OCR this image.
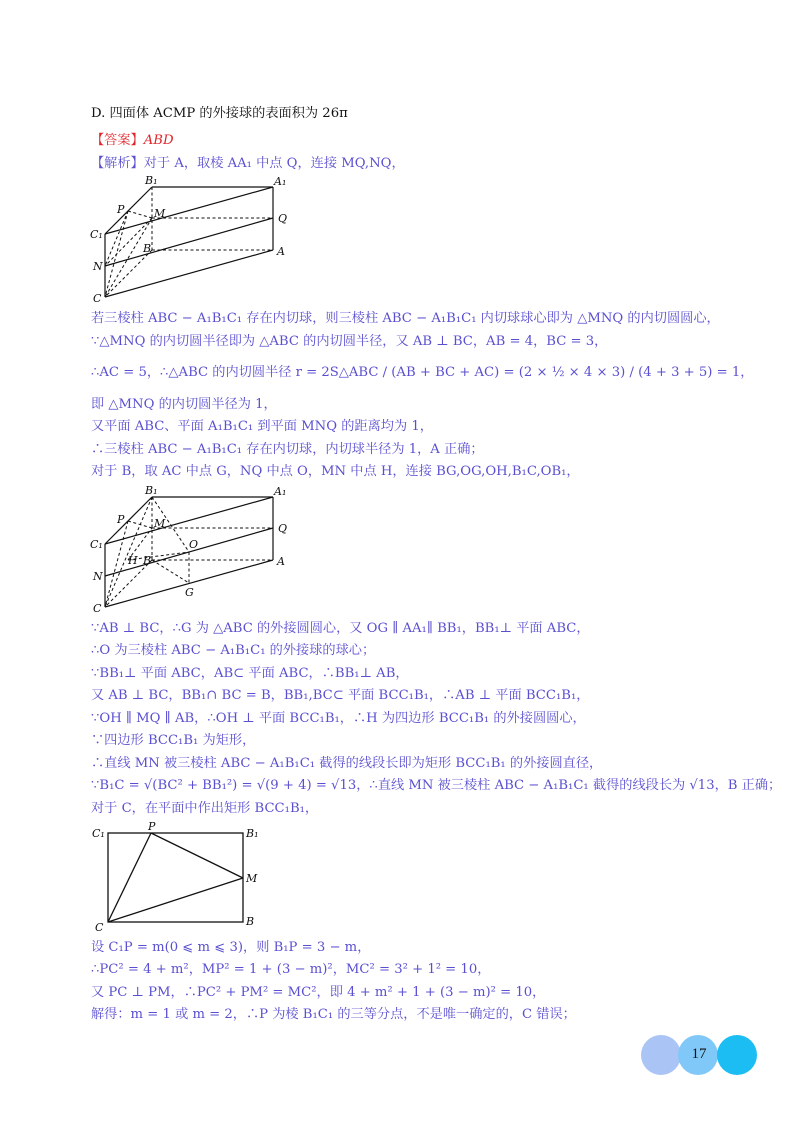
D. 四面体 ACMP 的外接球的表面积为 26π
【答案】ABD
【解析】对于 A，取棱 AA₁ 中点 Q，连接 MQ,NQ，
B₁	A₁
P	M	Q
C₁
B	A
N
C
若三棱柱 ABC − A₁B₁C₁ 存在内切球，则三棱柱 ABC − A₁B₁C₁ 内切球球心即为 △MNQ 的内切圆圆心，
∵△MNQ 的内切圆半径即为 △ABC 的内切圆半径，又 AB ⊥ BC，AB = 4，BC = 3，
∴AC = 5，∴△ABC 的内切圆半径 r = 2S△ABC / (AB + BC + AC) = (2 × ½ × 4 × 3) / (4 + 3 + 5) = 1，
即 △MNQ 的内切圆半径为 1，
又平面 ABC、平面 A₁B₁C₁ 到平面 MNQ 的距离均为 1，
∴三棱柱 ABC − A₁B₁C₁ 存在内切球，内切球半径为 1，A 正确；
对于 B，取 AC 中点 G，NQ 中点 O，MN 中点 H，连接 BG,OG,OH,B₁C,OB₁，
B₁	A₁
P	M	Q
O
C₁
H B	A
N
G
C
∵AB ⊥ BC，∴G 为 △ABC 的外接圆圆心，又 OG ∥ AA₁∥ BB₁，BB₁⊥ 平面 ABC，
∴O 为三棱柱 ABC − A₁B₁C₁ 的外接球的球心；
∵BB₁⊥ 平面 ABC，AB⊂ 平面 ABC，∴BB₁⊥ AB，
又 AB ⊥ BC，BB₁∩ BC = B，BB₁,BC⊂ 平面 BCC₁B₁，∴AB ⊥ 平面 BCC₁B₁，
∵OH ∥ MQ ∥ AB，∴OH ⊥ 平面 BCC₁B₁，∴H 为四边形 BCC₁B₁ 的外接圆圆心，
∵四边形 BCC₁B₁ 为矩形，
∴直线 MN 被三棱柱 ABC − A₁B₁C₁ 截得的线段长即为矩形 BCC₁B₁ 的外接圆直径，
∵B₁C = √(BC² + BB₁²) = √(9 + 4) = √13，∴直线 MN 被三棱柱 ABC − A₁B₁C₁ 截得的线段长为 √13，B 正确；
对于 C，在平面中作出矩形 BCC₁B₁，
C₁
P
B₁
M
C	B
设 C₁P = m(0 ⩽ m ⩽ 3)，则 B₁P = 3 − m，
∴PC² = 4 + m²，MP² = 1 + (3 − m)²，MC² = 3² + 1² = 10，
又 PC ⊥ PM，∴PC² + PM² = MC²，即 4 + m² + 1 + (3 − m)² = 10，
解得：m = 1 或 m = 2，∴P 为棱 B₁C₁ 的三等分点，不是唯一确定的，C 错误；
17
